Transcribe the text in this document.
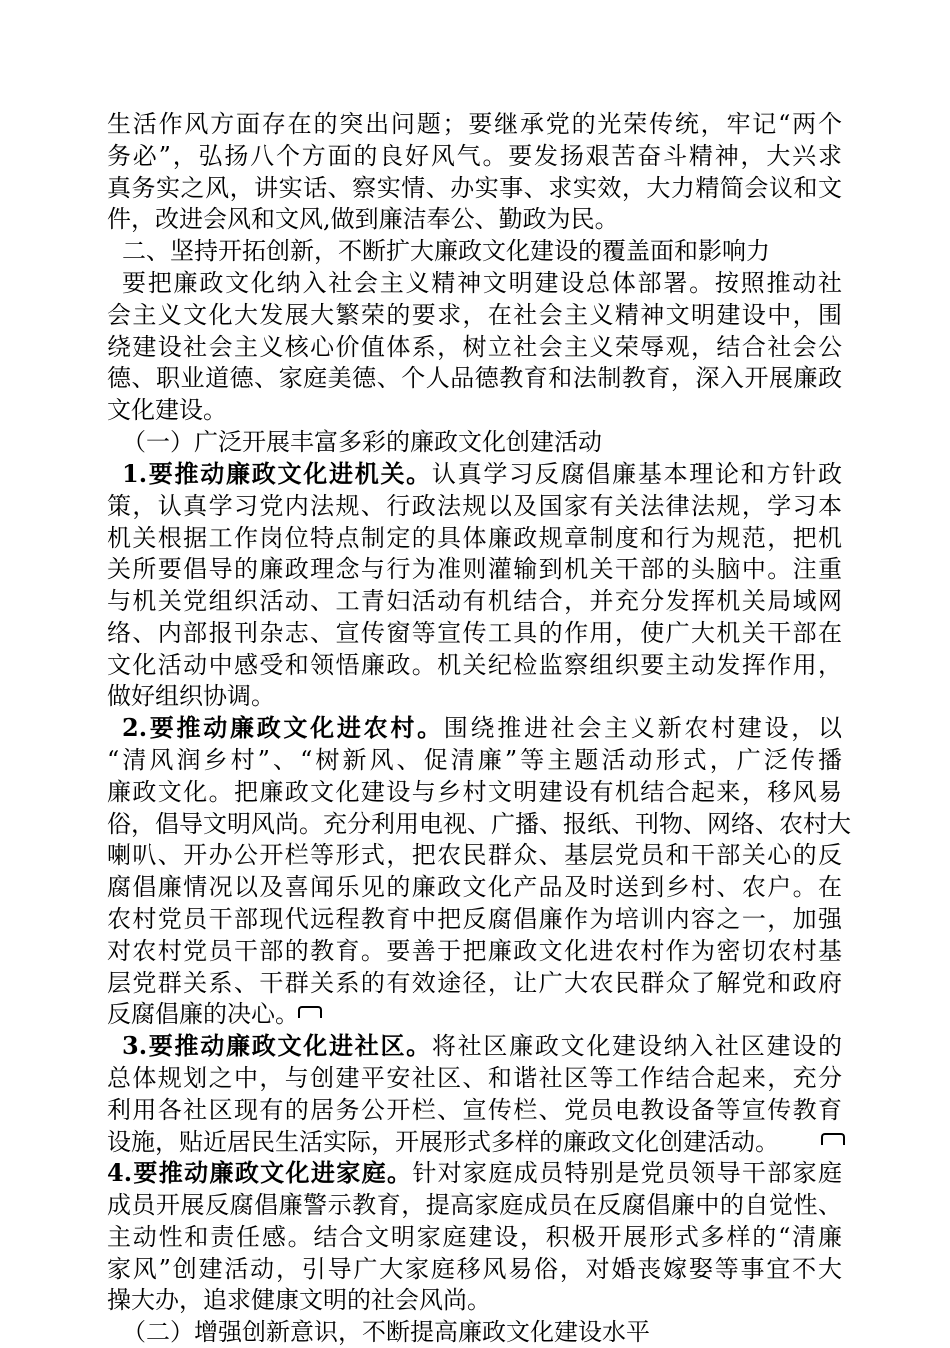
生活作风方面存在的突出问题；要继承党的光荣传统，牢记“两个
务必”，弘扬八个方面的良好风气。要发扬艰苦奋斗精神，大兴求
真务实之风，讲实话、察实情、办实事、求实效，大力精简会议和文
件，改进会风和文风,做到廉洁奉公、勤政为民。
二、坚持开拓创新，不断扩大廉政文化建设的覆盖面和影响力
要把廉政文化纳入社会主义精神文明建设总体部署。按照推动社
会主义文化大发展大繁荣的要求，在社会主义精神文明建设中，围
绕建设社会主义核心价值体系，树立社会主义荣辱观，结合社会公
德、职业道德、家庭美德、个人品德教育和法制教育，深入开展廉政
文化建设。
（一）广泛开展丰富多彩的廉政文化创建活动
1.要推动廉政文化进机关。认真学习反腐倡廉基本理论和方针政
策，认真学习党内法规、行政法规以及国家有关法律法规，学习本
机关根据工作岗位特点制定的具体廉政规章制度和行为规范，把机
关所要倡导的廉政理念与行为准则灌输到机关干部的头脑中。注重
与机关党组织活动、工青妇活动有机结合，并充分发挥机关局域网
络、内部报刊杂志、宣传窗等宣传工具的作用，使广大机关干部在
文化活动中感受和领悟廉政。机关纪检监察组织要主动发挥作用，
做好组织协调。
2.要推动廉政文化进农村。围绕推进社会主义新农村建设，以
“清风润乡村”、“树新风、促清廉”等主题活动形式，广泛传播
廉政文化。把廉政文化建设与乡村文明建设有机结合起来，移风易
俗，倡导文明风尚。充分利用电视、广播、报纸、刊物、网络、农村大
喇叭、开办公开栏等形式，把农民群众、基层党员和干部关心的反
腐倡廉情况以及喜闻乐见的廉政文化产品及时送到乡村、农户。在
农村党员干部现代远程教育中把反腐倡廉作为培训内容之一，加强
对农村党员干部的教育。要善于把廉政文化进农村作为密切农村基
层党群关系、干群关系的有效途径，让广大农民群众了解党和政府
反腐倡廉的决心。
3.要推动廉政文化进社区。将社区廉政文化建设纳入社区建设的
总体规划之中，与创建平安社区、和谐社区等工作结合起来，充分
利用各社区现有的居务公开栏、宣传栏、党员电教设备等宣传教育
设施，贴近居民生活实际，开展形式多样的廉政文化创建活动。
4.要推动廉政文化进家庭。针对家庭成员特别是党员领导干部家庭
成员开展反腐倡廉警示教育，提高家庭成员在反腐倡廉中的自觉性、
主动性和责任感。结合文明家庭建设，积极开展形式多样的“清廉
家风”创建活动，引导广大家庭移风易俗，对婚丧嫁娶等事宜不大
操大办，追求健康文明的社会风尚。
（二）增强创新意识，不断提高廉政文化建设水平
